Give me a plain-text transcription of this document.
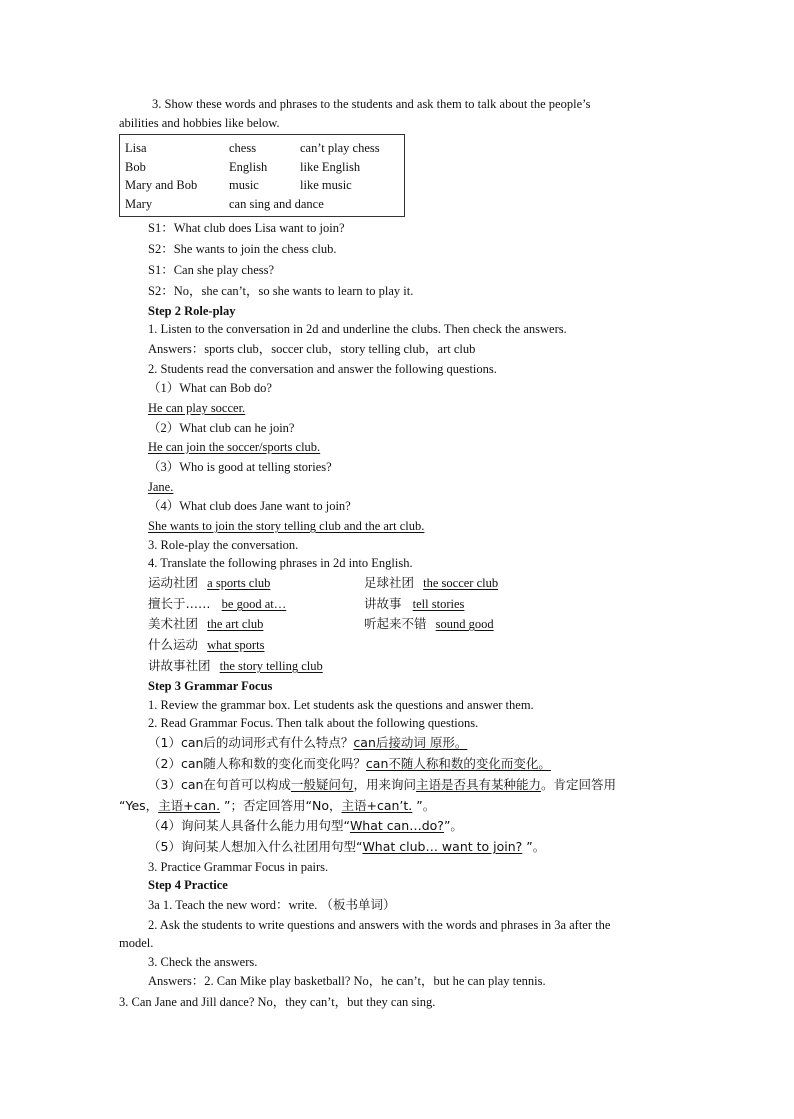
3. Show these words and phrases to the students and ask them to talk about the people’s
abilities and hobbies like below.
Lisa	chess	can’t play chess
Bob	English	like English
Mary and Bob	music	like music
Mary	can sing and dance
S1：What club does Lisa want to join?
S2：She wants to join the chess club.
S1：Can she play chess?
S2：No，she can’t，so she wants to learn to play it.
Step 2 Role-play
1. Listen to the conversation in 2d and underline the clubs. Then check the answers.
Answers：sports club，soccer club，story telling club，art club
2. Students read the conversation and answer the following questions.
（1）What can Bob do?
He can play soccer.
（2）What club can he join?
He can join the soccer/sports club.
（3）Who is good at telling stories?
Jane.
（4）What club does Jane want to join?
She wants to join the story telling club and the art club.
3. Role-play the conversation.
4. Translate the following phrases in 2d into English.
运动社团 a sports club	足球社团 the soccer club
擅长于…… be good at…	讲故事 tell stories
美术社团 the art club	听起来不错 sound good
什么运动 what sports
讲故事社团 the story telling club
Step 3 Grammar Focus
1. Review the grammar box. Let students ask the questions and answer them.
2. Read Grammar Focus. Then talk about the following questions.
（1）can后的动词形式有什么特点？can后接动词 原形。
（2）can随人称和数的变化而变化吗？can不随人称和数的变化而变化。
（3）can在句首可以构成一般疑问句，用来询问主语是否具有某种能力。肯定回答用
“Yes，主语+can. ”；否定回答用“No，主语+can’t. ”。
（4）询问某人具备什么能力用句型“What can…do?”。
（5）询问某人想加入什么社团用句型“What club… want to join? ”。
3. Practice Grammar Focus in pairs.
Step 4 Practice
3a 1. Teach the new word：write. （板书单词）
2. Ask the students to write questions and answers with the words and phrases in 3a after the
model.
3. Check the answers.
Answers：2. Can Mike play basketball? No，he can’t，but he can play tennis.
3. Can Jane and Jill dance? No，they can’t，but they can sing.
